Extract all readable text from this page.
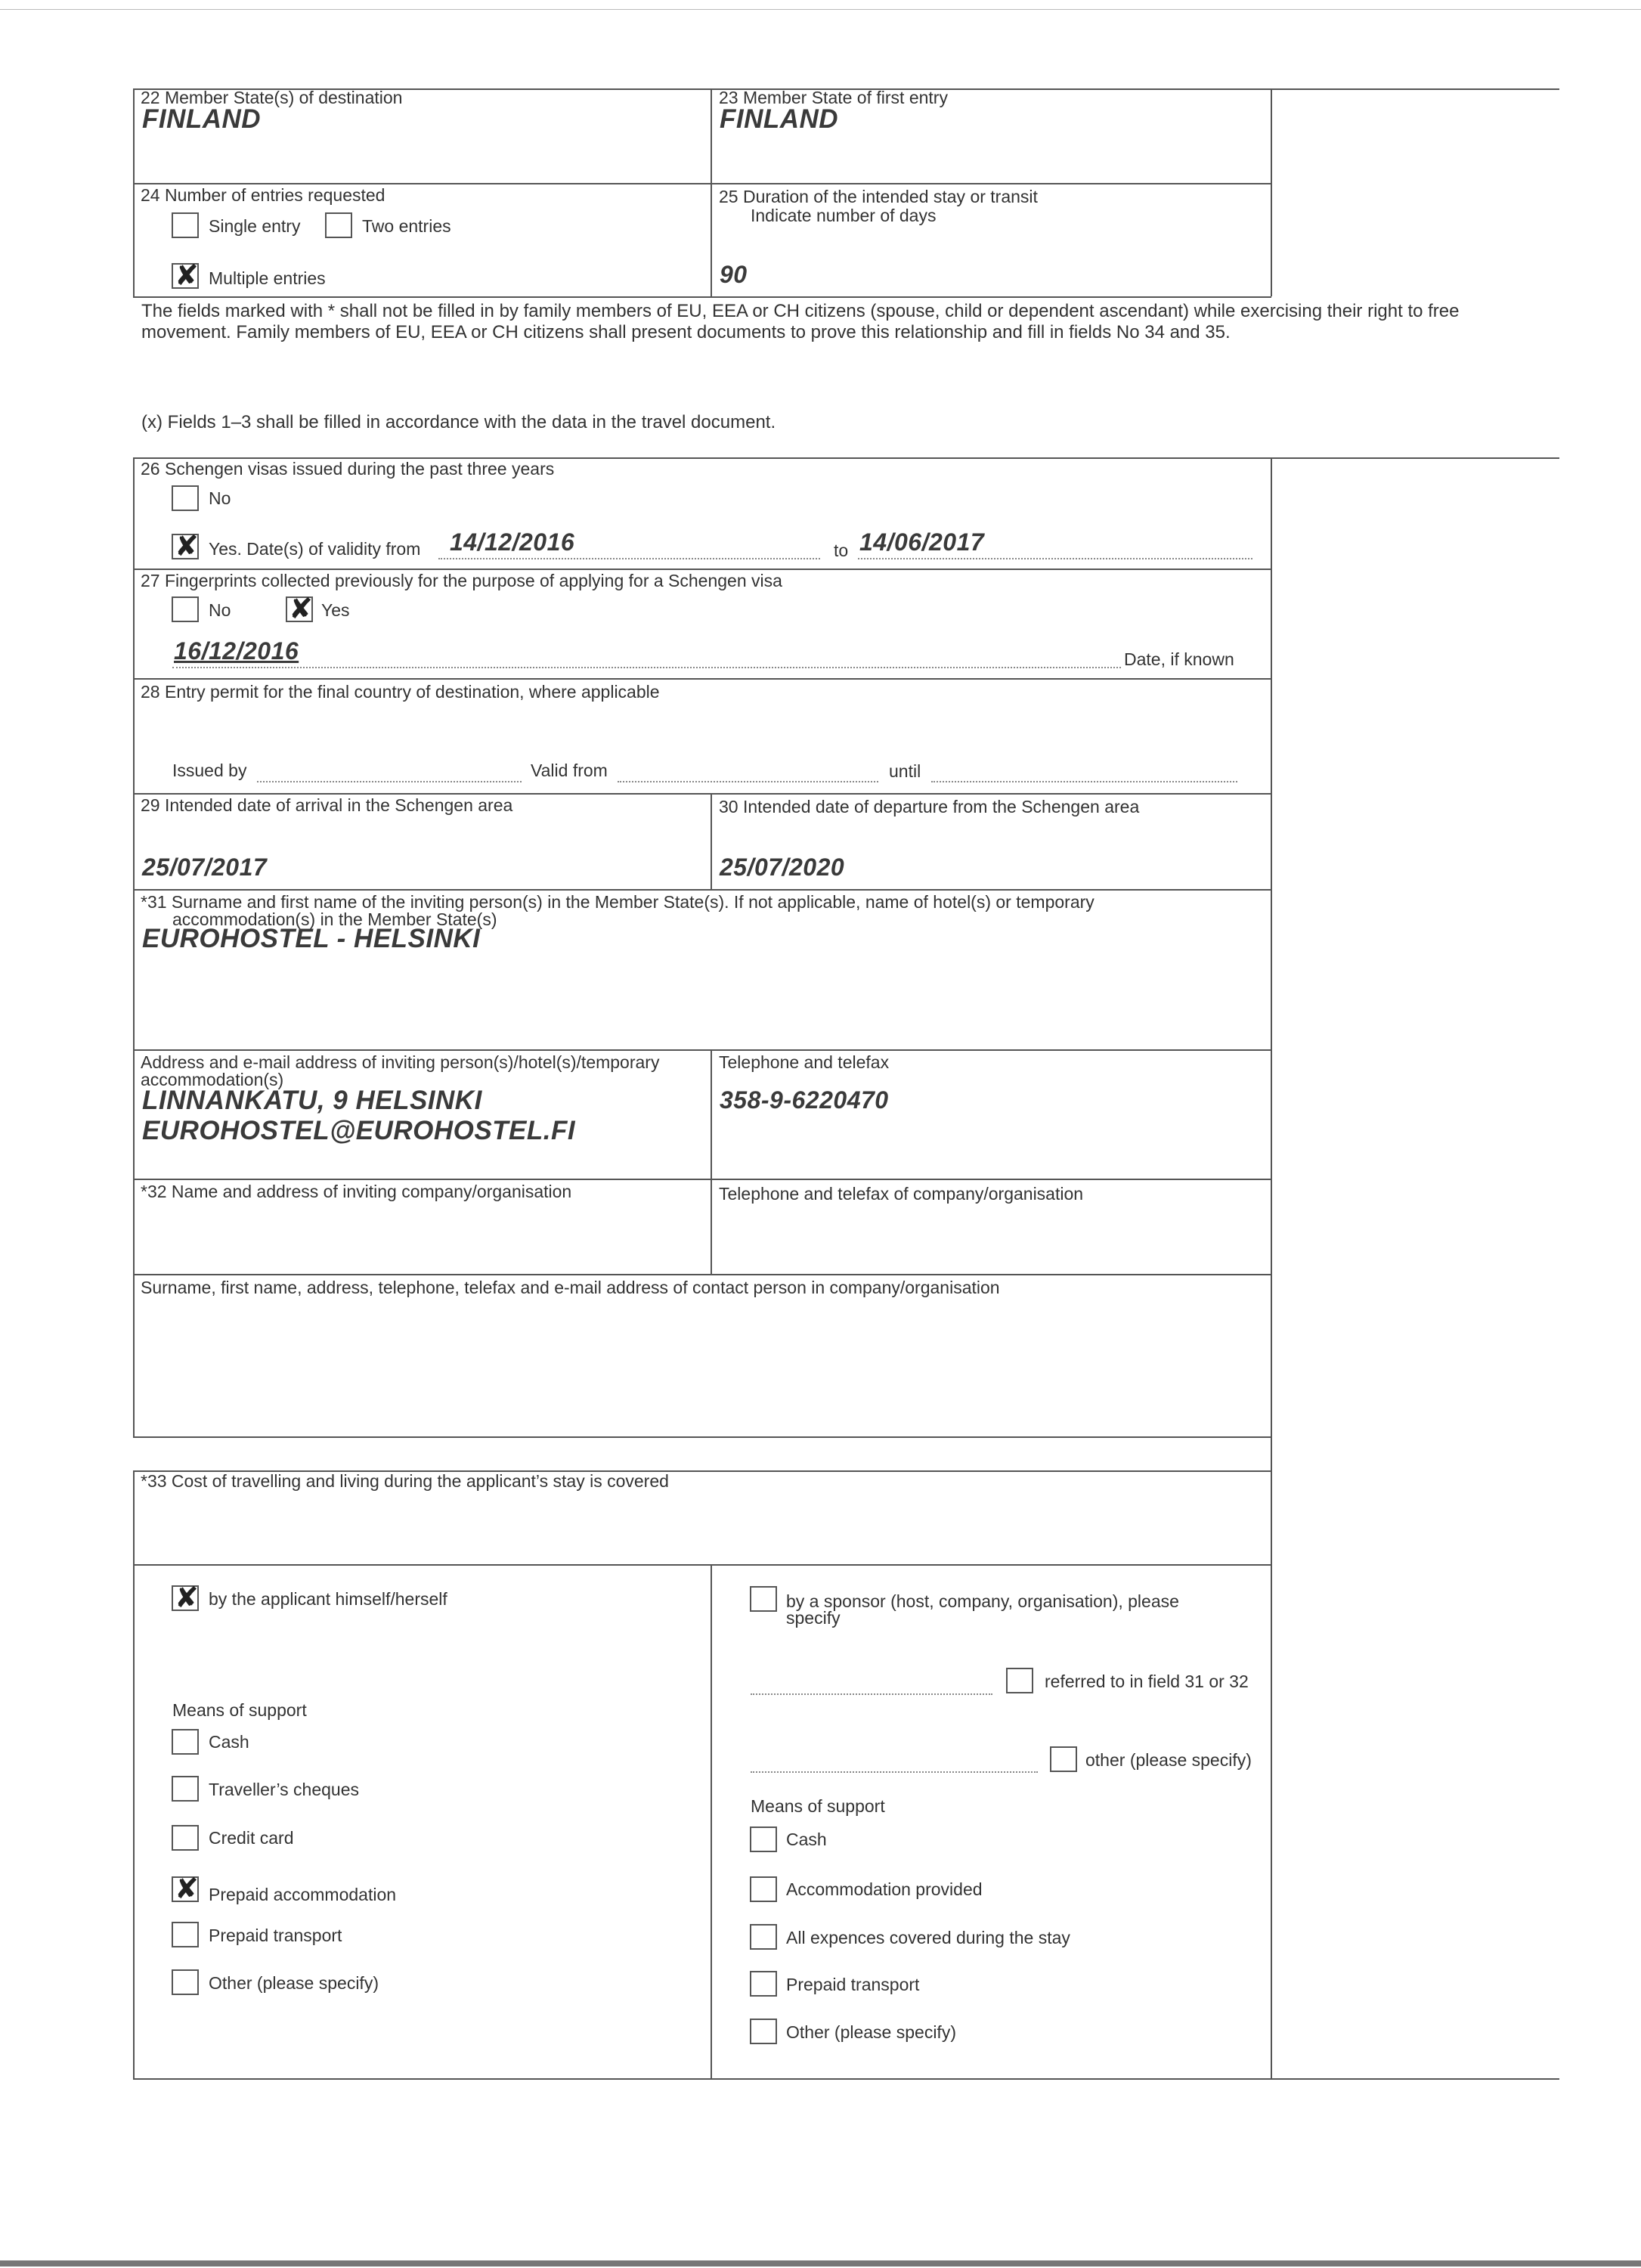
22 Member State(s) of destination
FINLAND
23 Member State of first entry
FINLAND
24 Number of entries requested
Single entry	Two entries
✘ Multiple entries
25 Duration of the intended stay or transit
Indicate number of days
90
The fields marked with * shall not be filled in by family members of EU, EEA or CH citizens (spouse, child or dependent ascendant) while exercising their right to free movement. Family members of EU, EEA or CH citizens shall present documents to prove this relationship and fill in fields No 34 and 35.
(x) Fields 1–3 shall be filled in accordance with the data in the travel document.
26 Schengen visas issued during the past three years
No
✘ Yes. Date(s) of validity from 14/12/2016	to 14/06/2017
27 Fingerprints collected previously for the purpose of applying for a Schengen visa
No ✘ Yes
16/12/2016	Date, if known
28 Entry permit for the final country of destination, where applicable
Issued by	Valid from	until
29 Intended date of arrival in the Schengen area
25/07/2017
30 Intended date of departure from the Schengen area
25/07/2020
*31 Surname and first name of the inviting person(s) in the Member State(s). If not applicable, name of hotel(s) or temporary
accommodation(s) in the Member State(s)
EUROHOSTEL - HELSINKI
Address and e-mail address of inviting person(s)/hotel(s)/temporary
accommodation(s)
LINNANKATU, 9 HELSINKI
EUROHOSTEL@EUROHOSTEL.FI
Telephone and telefax
358-9-6220470
*32 Name and address of inviting company/organisation	Telephone and telefax of company/organisation
Surname, first name, address, telephone, telefax and e-mail address of contact person in company/organisation
*33 Cost of travelling and living during the applicant’s stay is covered
✘ by the applicant himself/herself
Means of support
Cash
Traveller’s cheques
Credit card
✘ Prepaid accommodation
Prepaid transport
Other (please specify)
by a sponsor (host, company, organisation), please
specify
referred to in field 31 or 32
other (please specify)
Means of support
Cash
Accommodation provided
All expences covered during the stay
Prepaid transport
Other (please specify)
